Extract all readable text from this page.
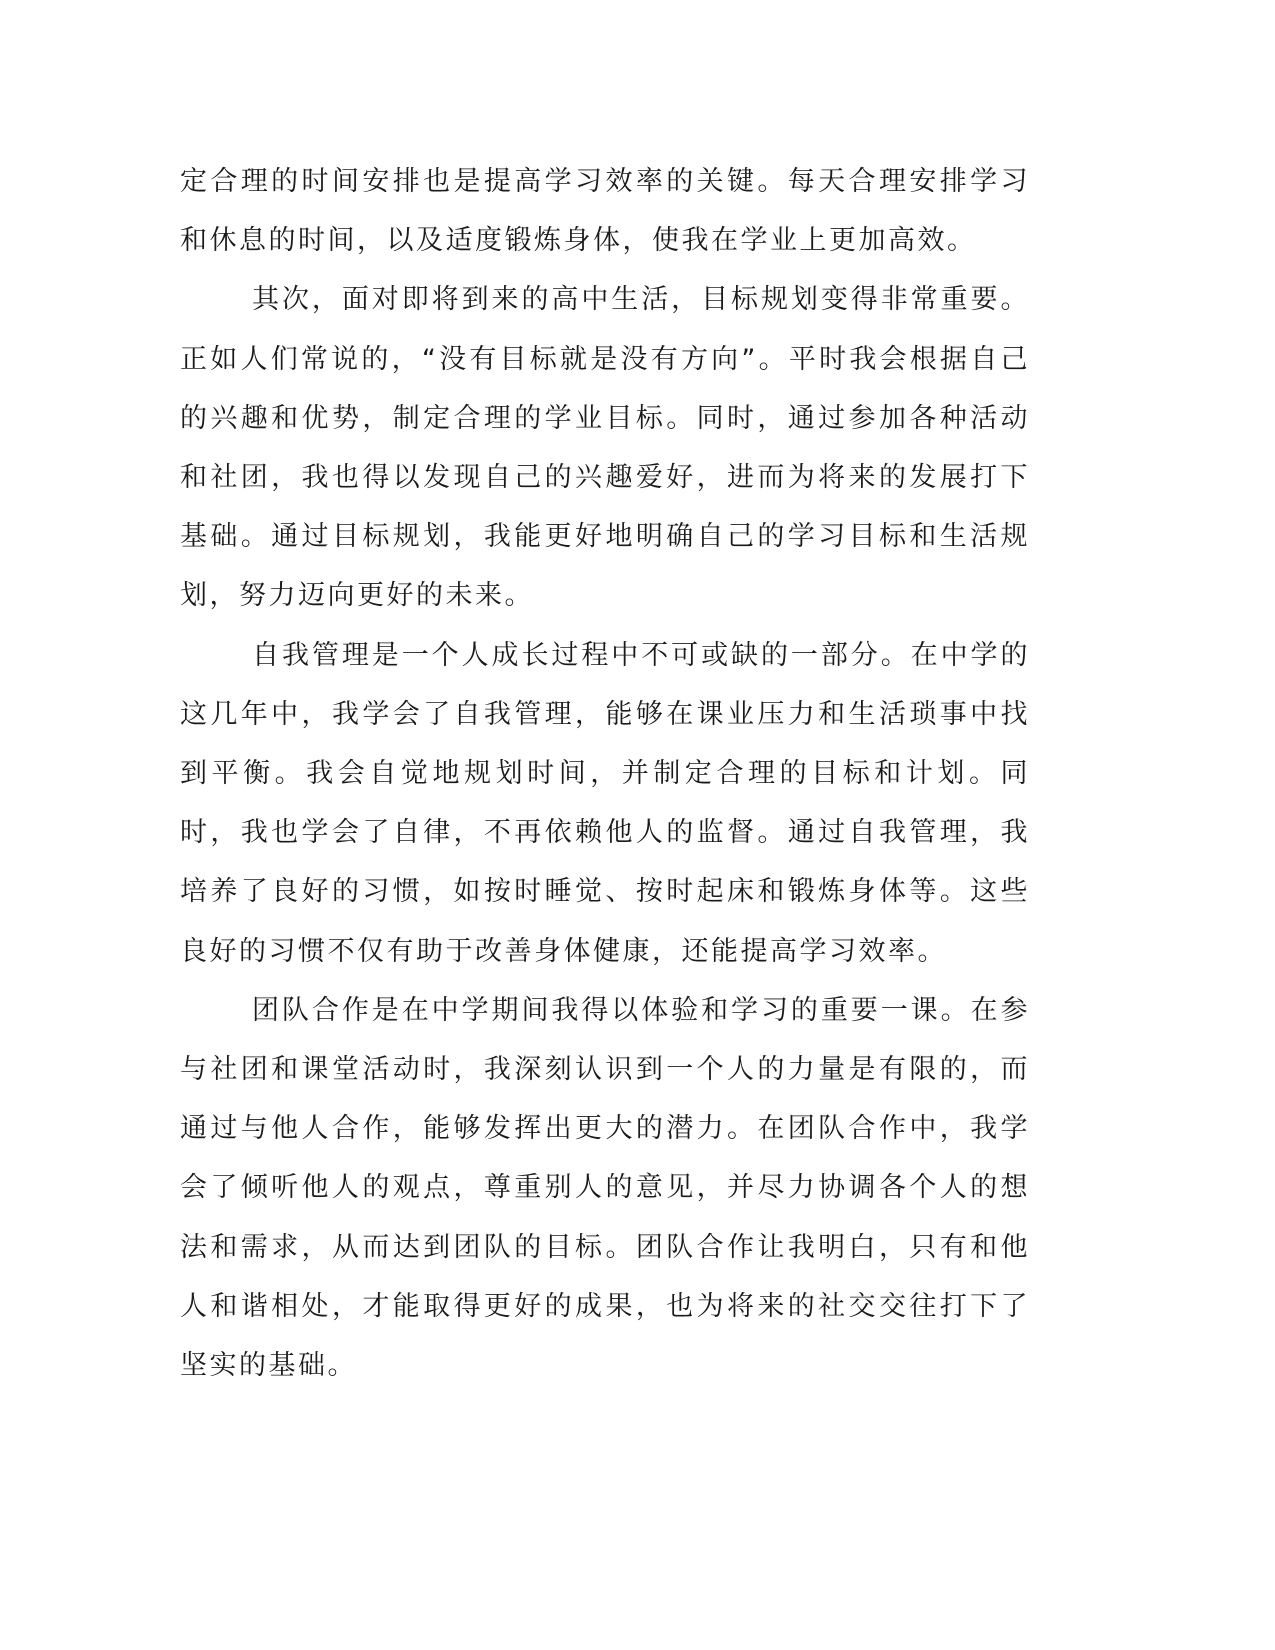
定合理的时间安排也是提高学习效率的关键。每天合理安排学习和休息的时间，以及适度锻炼身体，使我在学业上更加高效。

其次，面对即将到来的高中生活，目标规划变得非常重要。正如人们常说的，“没有目标就是没有方向”。平时我会根据自己的兴趣和优势，制定合理的学业目标。同时，通过参加各种活动和社团，我也得以发现自己的兴趣爱好，进而为将来的发展打下基础。通过目标规划，我能更好地明确自己的学习目标和生活规划，努力迈向更好的未来。

自我管理是一个人成长过程中不可或缺的一部分。在中学的这几年中，我学会了自我管理，能够在课业压力和生活琐事中找到平衡。我会自觉地规划时间，并制定合理的目标和计划。同时，我也学会了自律，不再依赖他人的监督。通过自我管理，我培养了良好的习惯，如按时睡觉、按时起床和锻炼身体等。这些良好的习惯不仅有助于改善身体健康，还能提高学习效率。

团队合作是在中学期间我得以体验和学习的重要一课。在参与社团和课堂活动时，我深刻认识到一个人的力量是有限的，而通过与他人合作，能够发挥出更大的潜力。在团队合作中，我学会了倾听他人的观点，尊重别人的意见，并尽力协调各个人的想法和需求，从而达到团队的目标。团队合作让我明白，只有和他人和谐相处，才能取得更好的成果，也为将来的社交交往打下了坚实的基础。
